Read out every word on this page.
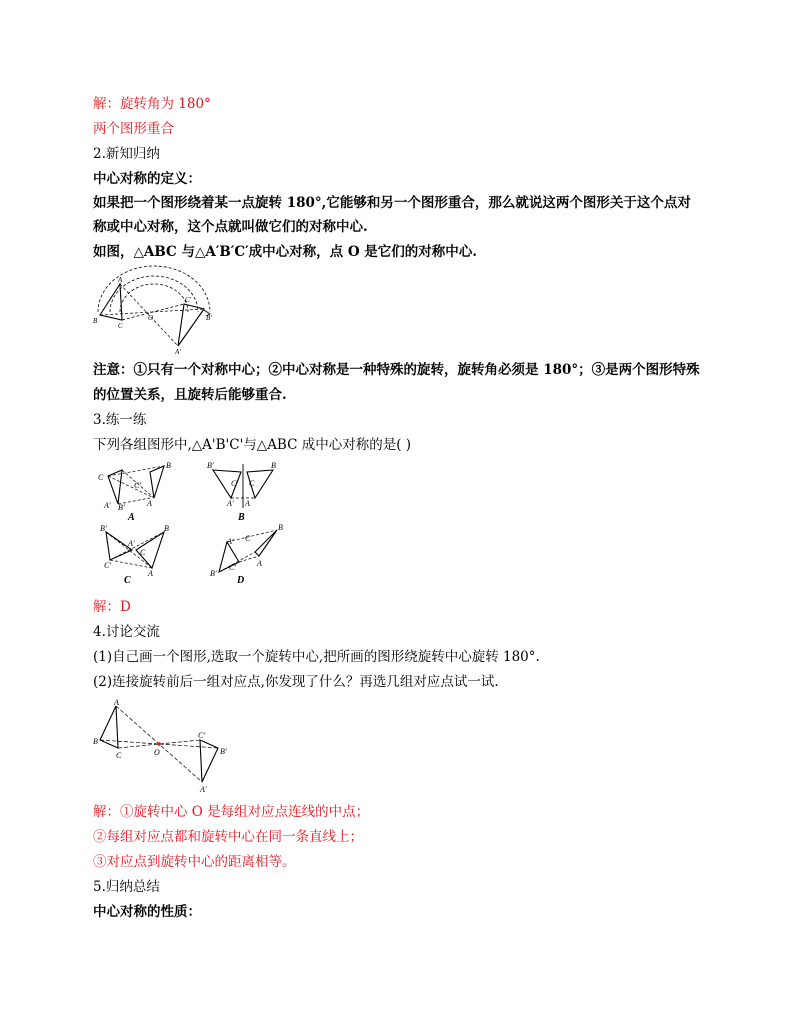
解：旋转角为 180°
两个图形重合
2.新知归纳
中心对称的定义：
如果把一个图形绕着某一点旋转 180°,它能够和另一个图形重合，那么就说这两个图形关于这个点对
称或中心对称，这个点就叫做它们的对称中心.
如图，△ABC 与△A′B′C′成中心对称，点 O 是它们的对称中心.
B
C
A
O
A′
C′
B′
注意：①只有一个对称中心；②中心对称是一种特殊的旋转，旋转角必须是 180°；③是两个图形特殊
的位置关系，且旋转后能够重合.
3.练一练
下列各组图形中,△A'B'C'与△ABC 成中心对称的是( )
C
B
C′
A′ B′	A
A
B′
C′
B
C
A′ A
B
B′
A′
C
C′
B
A
C
A′ C
B
B′
C′	A
D
解：D
4.讨论交流
(1)自己画一个图形,选取一个旋转中心,把所画的图形绕旋转中心旋转 180°.
(2)连接旋转前后一组对应点,你发现了什么？再选几组对应点试一试.
A
B
C	O
C′
B′
A′
解：①旋转中心 O 是每组对应点连线的中点；
②每组对应点都和旋转中心在同一条直线上；
③对应点到旋转中心的距离相等。
5.归纳总结
中心对称的性质：
